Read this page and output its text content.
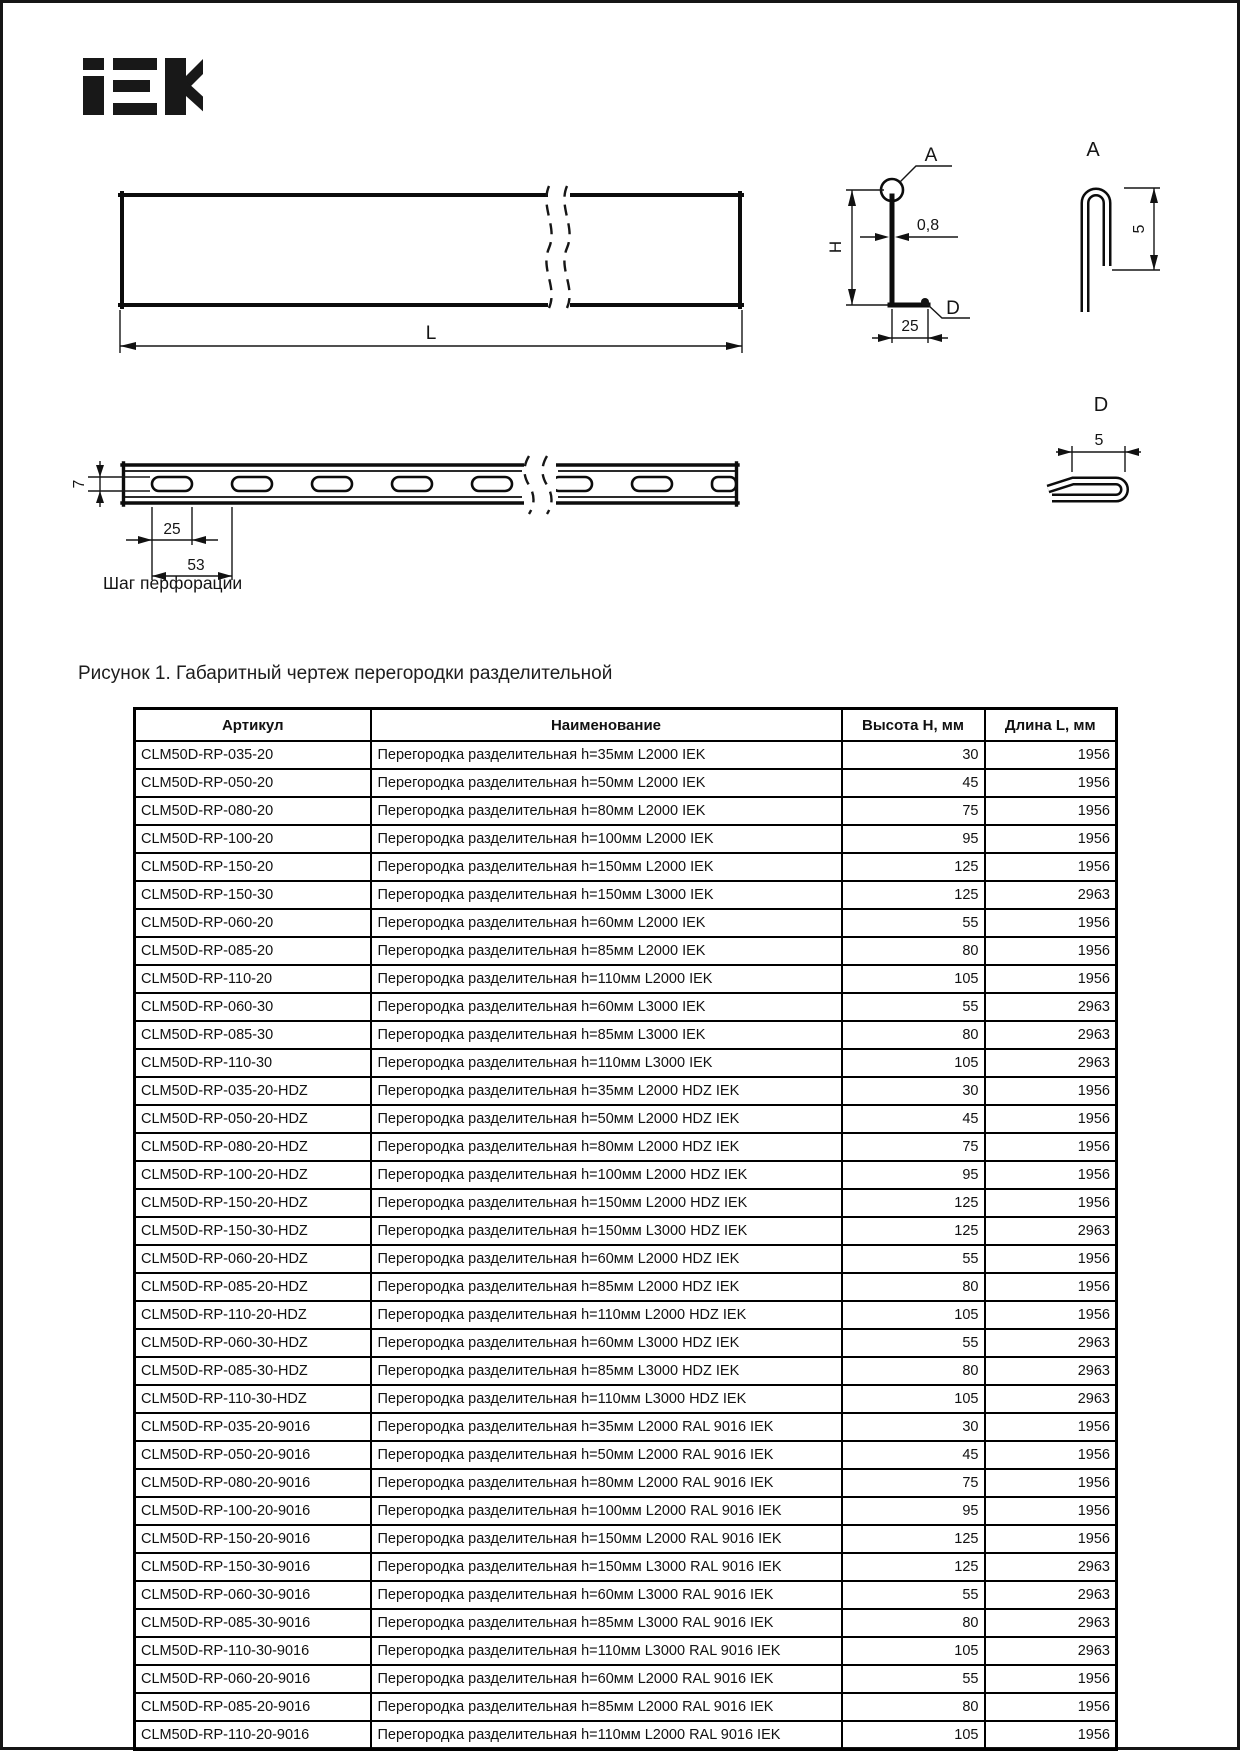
L
A
H
0,8
D
25
A
5
D
5
7
25
53
Шаг перфорации
Рисунок 1. Габаритный чертеж перегородки разделительной
Артикул	Наименование	Высота H, мм	Длина L, мм
CLM50D-RP-035-20	Перегородка разделительная h=35мм L2000 IEK	30	1956
CLM50D-RP-050-20	Перегородка разделительная h=50мм L2000 IEK	45	1956
CLM50D-RP-080-20	Перегородка разделительная h=80мм L2000 IEK	75	1956
CLM50D-RP-100-20	Перегородка разделительная h=100мм L2000 IEK	95	1956
CLM50D-RP-150-20	Перегородка разделительная h=150мм L2000 IEK	125	1956
CLM50D-RP-150-30	Перегородка разделительная h=150мм L3000 IEK	125	2963
CLM50D-RP-060-20	Перегородка разделительная h=60мм L2000 IEK	55	1956
CLM50D-RP-085-20	Перегородка разделительная h=85мм L2000 IEK	80	1956
CLM50D-RP-110-20	Перегородка разделительная h=110мм L2000 IEK	105	1956
CLM50D-RP-060-30	Перегородка разделительная h=60мм L3000 IEK	55	2963
CLM50D-RP-085-30	Перегородка разделительная h=85мм L3000 IEK	80	2963
CLM50D-RP-110-30	Перегородка разделительная h=110мм L3000 IEK	105	2963
CLM50D-RP-035-20-HDZ	Перегородка разделительная h=35мм L2000 HDZ IEK	30	1956
CLM50D-RP-050-20-HDZ	Перегородка разделительная h=50мм L2000 HDZ IEK	45	1956
CLM50D-RP-080-20-HDZ	Перегородка разделительная h=80мм L2000 HDZ IEK	75	1956
CLM50D-RP-100-20-HDZ	Перегородка разделительная h=100мм L2000 HDZ IEK	95	1956
CLM50D-RP-150-20-HDZ	Перегородка разделительная h=150мм L2000 HDZ IEK	125	1956
CLM50D-RP-150-30-HDZ	Перегородка разделительная h=150мм L3000 HDZ IEK	125	2963
CLM50D-RP-060-20-HDZ	Перегородка разделительная h=60мм L2000 HDZ IEK	55	1956
CLM50D-RP-085-20-HDZ	Перегородка разделительная h=85мм L2000 HDZ IEK	80	1956
CLM50D-RP-110-20-HDZ	Перегородка разделительная h=110мм L2000 HDZ IEK	105	1956
CLM50D-RP-060-30-HDZ	Перегородка разделительная h=60мм L3000 HDZ IEK	55	2963
CLM50D-RP-085-30-HDZ	Перегородка разделительная h=85мм L3000 HDZ IEK	80	2963
CLM50D-RP-110-30-HDZ	Перегородка разделительная h=110мм L3000 HDZ IEK	105	2963
CLM50D-RP-035-20-9016	Перегородка разделительная h=35мм L2000 RAL 9016 IEK	30	1956
CLM50D-RP-050-20-9016	Перегородка разделительная h=50мм L2000 RAL 9016 IEK	45	1956
CLM50D-RP-080-20-9016	Перегородка разделительная h=80мм L2000 RAL 9016 IEK	75	1956
CLM50D-RP-100-20-9016	Перегородка разделительная h=100мм L2000 RAL 9016 IEK	95	1956
CLM50D-RP-150-20-9016	Перегородка разделительная h=150мм L2000 RAL 9016 IEK	125	1956
CLM50D-RP-150-30-9016	Перегородка разделительная h=150мм L3000 RAL 9016 IEK	125	2963
CLM50D-RP-060-30-9016	Перегородка разделительная h=60мм L3000 RAL 9016 IEK	55	2963
CLM50D-RP-085-30-9016	Перегородка разделительная h=85мм L3000 RAL 9016 IEK	80	2963
CLM50D-RP-110-30-9016	Перегородка разделительная h=110мм L3000 RAL 9016 IEK	105	2963
CLM50D-RP-060-20-9016	Перегородка разделительная h=60мм L2000 RAL 9016 IEK	55	1956
CLM50D-RP-085-20-9016	Перегородка разделительная h=85мм L2000 RAL 9016 IEK	80	1956
CLM50D-RP-110-20-9016	Перегородка разделительная h=110мм L2000 RAL 9016 IEK	105	1956
